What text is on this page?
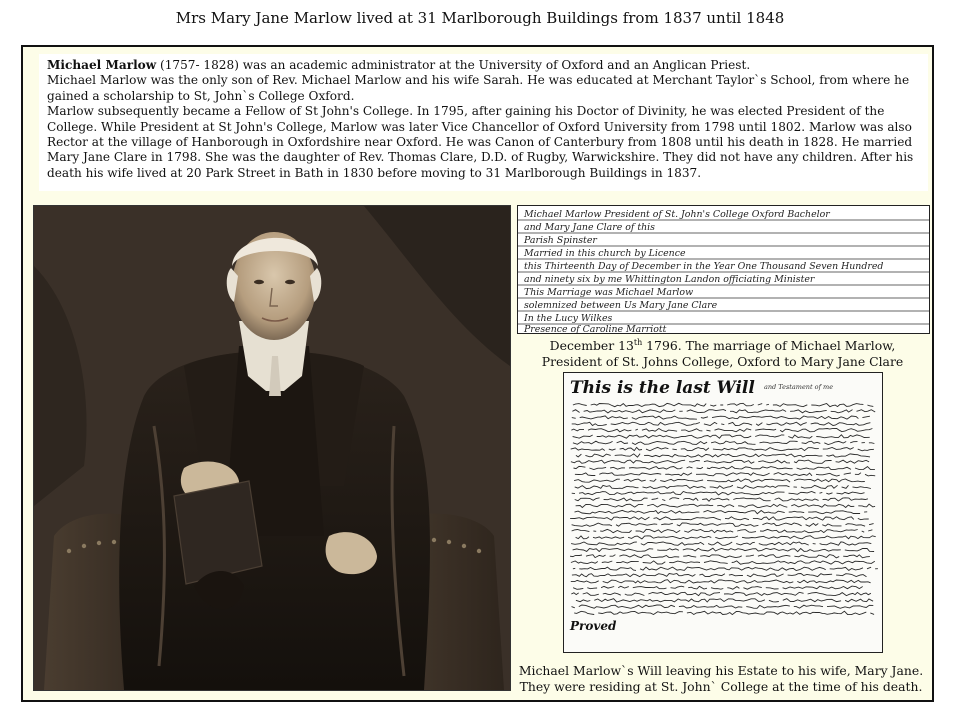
Mrs Mary Jane Marlow lived at 31 Marlborough Buildings from 1837 until 1848

Michael Marlow (1757- 1828) was an academic administrator at the University of Oxford and an Anglican Priest.

Michael Marlow was the only son of Rev. Michael Marlow and his wife Sarah. He was educated at Merchant Taylor`s School, from where he gained a scholarship to St, John`s College Oxford.

Marlow subsequently became a Fellow of St John's College. In 1795, after gaining his Doctor of Divinity, he was elected President of the College. While President at St John's College, Marlow was later Vice Chancellor of Oxford University from 1798 until 1802. Marlow was also Rector at the village of Hanborough in Oxfordshire near Oxford. He was Canon of Canterbury from 1808 until his death in 1828. He married Mary Jane Clare in 1798. She was the daughter of Rev. Thomas Clare, D.D. of Rugby, Warwickshire. They did not have any children. After his death his wife lived at 20 Park Street in Bath in 1830 before moving to 31 Marlborough Buildings in 1837.

Michael Marlow President of St. John's College Oxford Bachelor
and Mary Jane Clare of this
Parish Spinster
Married in this church by Licence
this Thirteenth Day of December in the Year One Thousand Seven Hundred
and ninety six by me Whittington Landon officiating Minister
This Marriage was Michael Marlow
solemnized between Us Mary Jane Clare
In the Lucy Wilkes
Presence of Caroline Marriott
December 13th 1796. The marriage of Michael Marlow,
President of St. Johns College, Oxford to Mary Jane Clare
This is the last Will and Testament of me
Proved
Michael Marlow`s Will leaving his Estate to his wife, Mary Jane.
They were residing at St. John` College at the time of his death.
